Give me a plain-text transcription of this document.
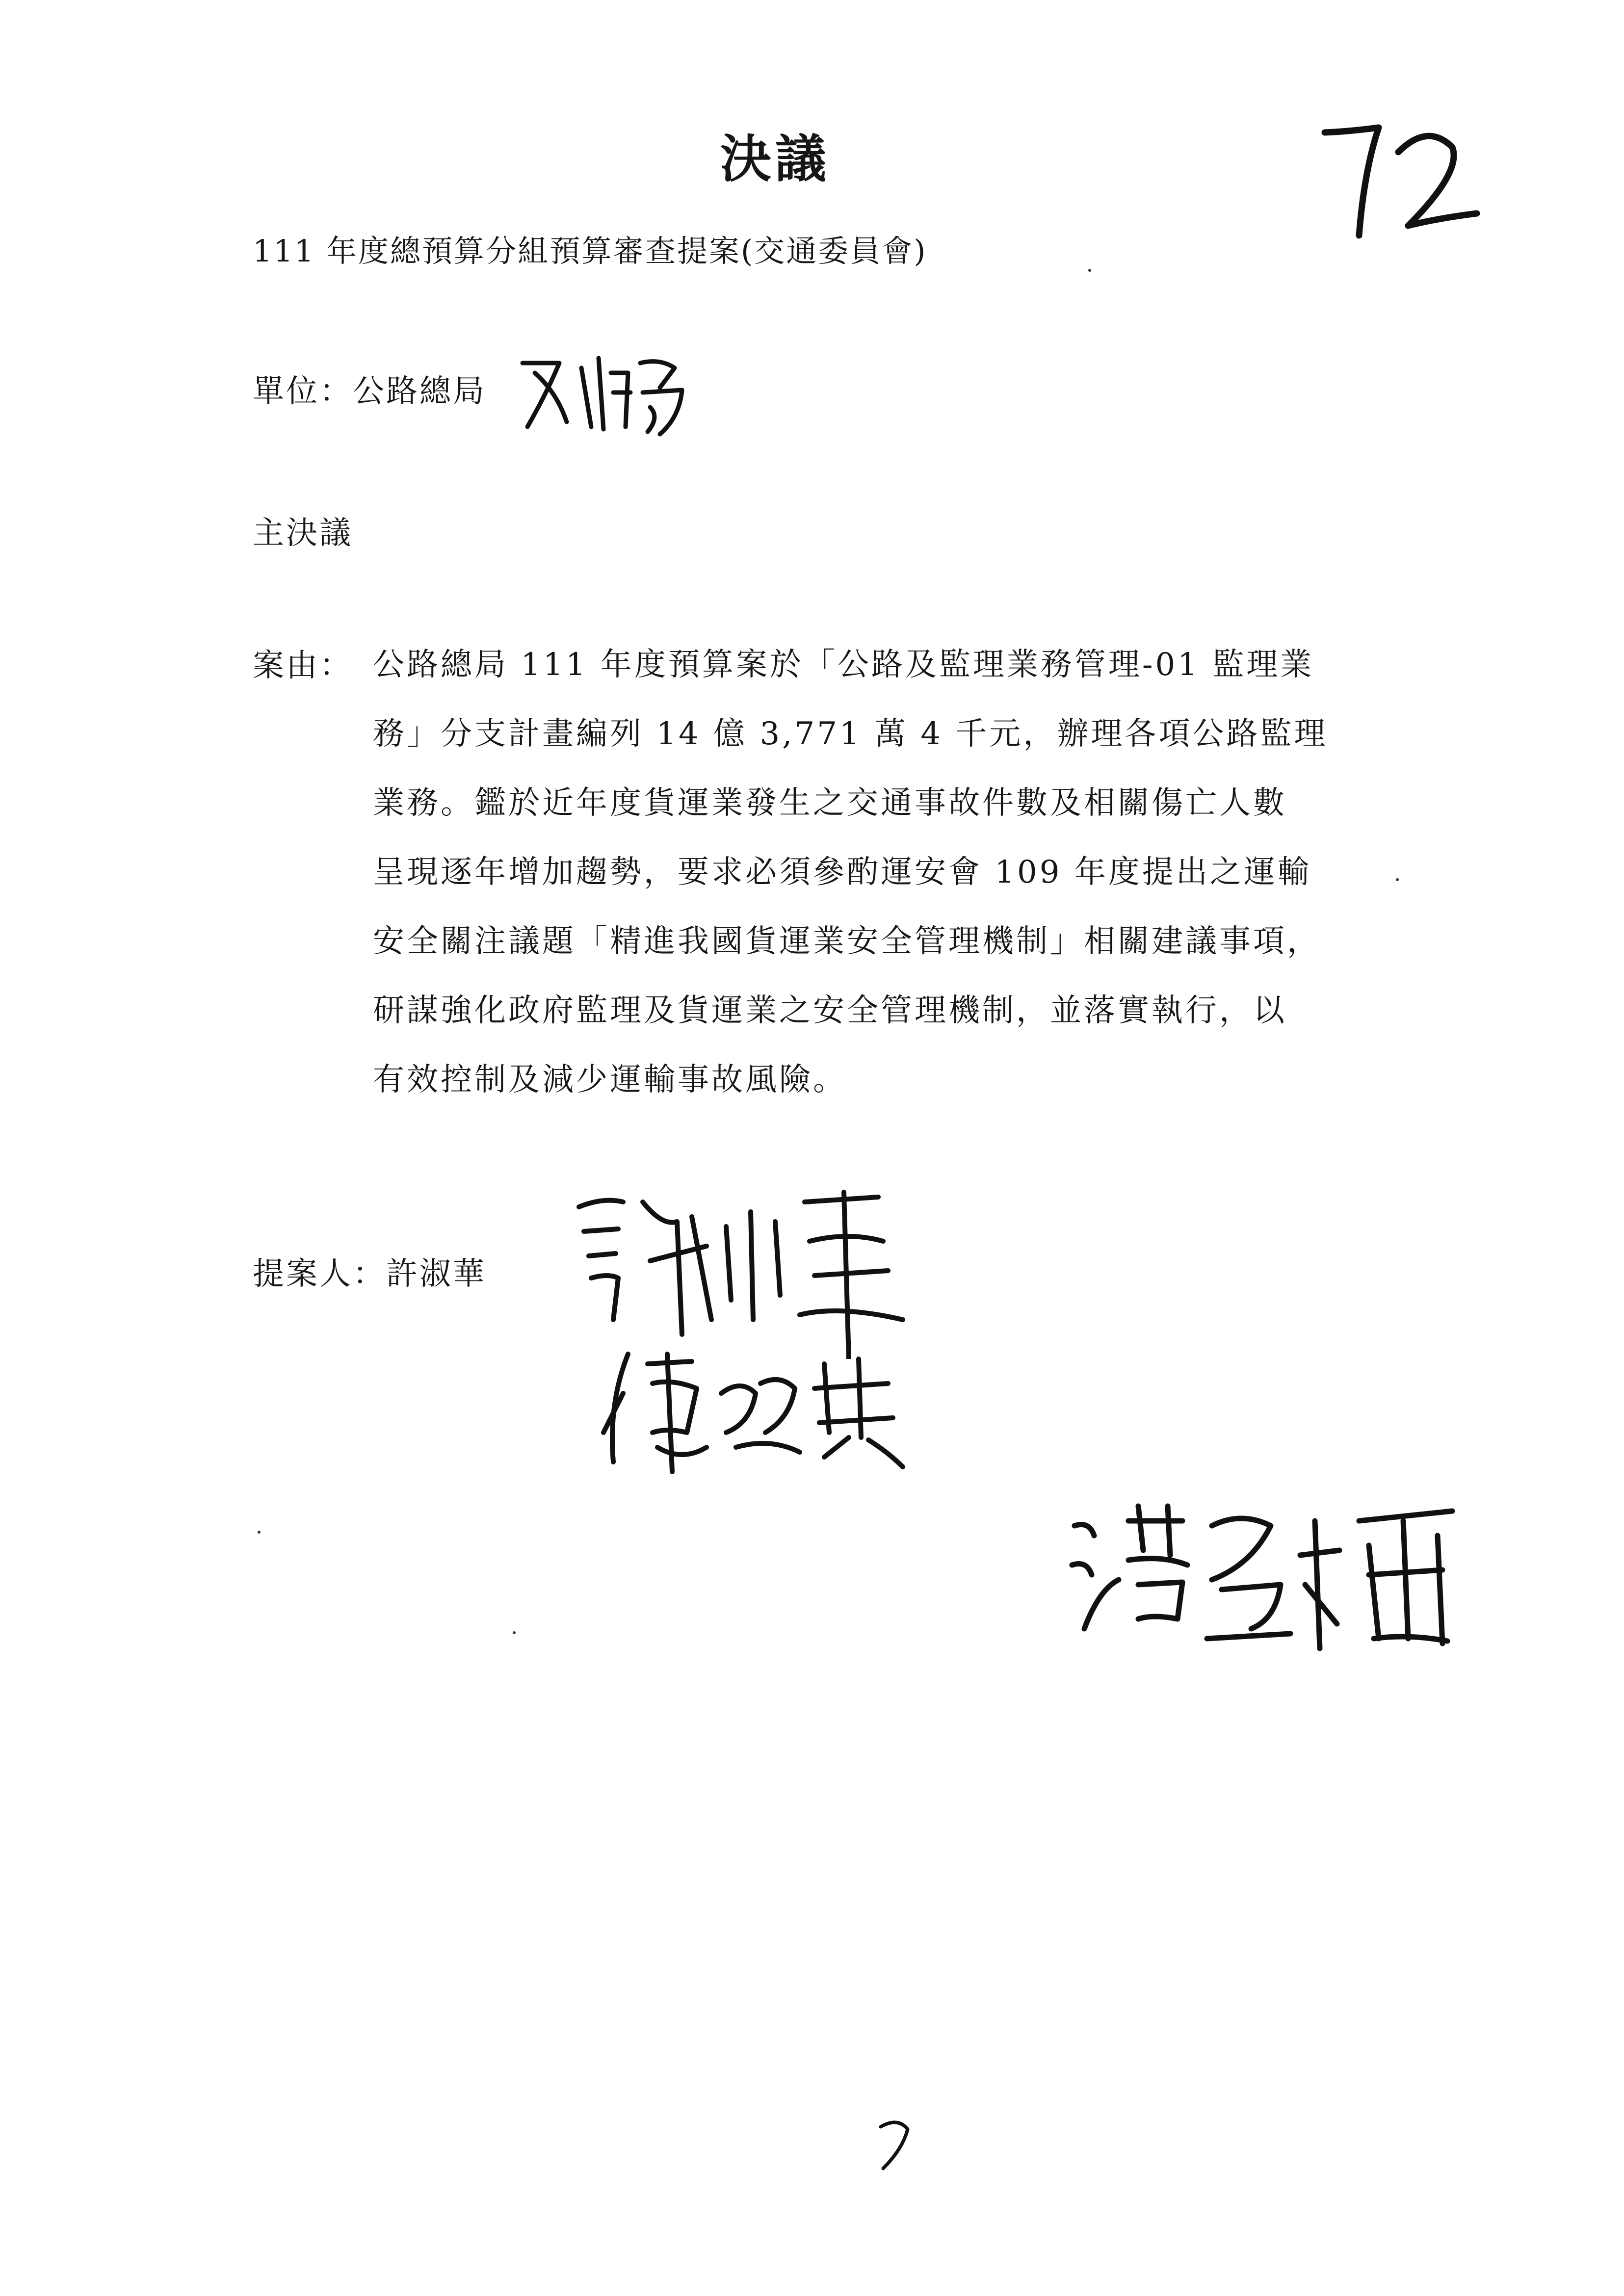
決議
111 年度總預算分組預算審查提案(交通委員會)
單位：公路總局
主決議
案由： 公路總局 111 年度預算案於「公路及監理業務管理-01 監理業
務」分支計畫編列 14 億 3,771 萬 4 千元，辦理各項公路監理
業務。鑑於近年度貨運業發生之交通事故件數及相關傷亡人數
呈現逐年增加趨勢，要求必須參酌運安會 109 年度提出之運輸
安全關注議題「精進我國貨運業安全管理機制」相關建議事項，
研謀強化政府監理及貨運業之安全管理機制，並落實執行，以
有效控制及減少運輸事故風險。
提案人：許淑華
